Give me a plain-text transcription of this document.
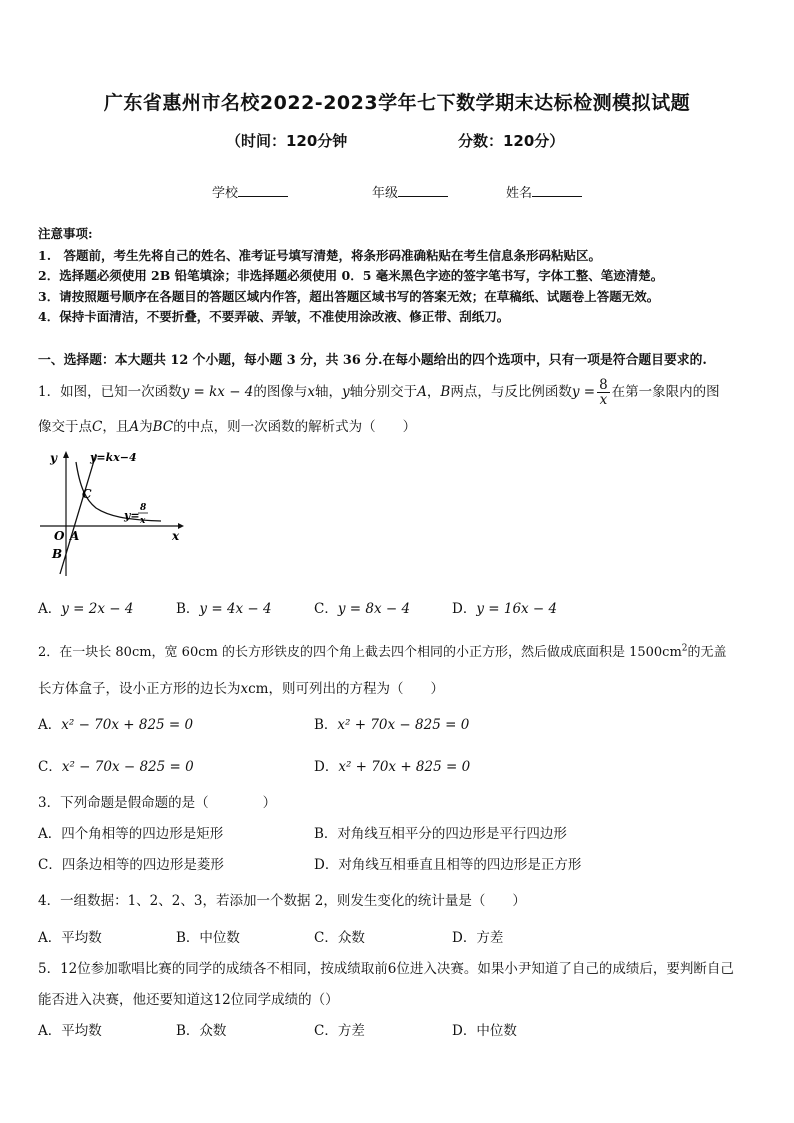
广东省惠州市名校2022-2023学年七下数学期末达标检测模拟试题
（时间：120分钟	分数：120分）
学校	年级	姓名
注意事项:
1.　答题前，考生先将自己的姓名、准考证号填写清楚，将条形码准确粘贴在考生信息条形码粘贴区。
2．选择题必须使用 2B 铅笔填涂；非选择题必须使用 0．5 毫米黑色字迹的签字笔书写，字体工整、笔迹清楚。
3．请按照题号顺序在各题目的答题区域内作答，超出答题区域书写的答案无效；在草稿纸、试题卷上答题无效。
4．保持卡面清洁，不要折叠，不要弄破、弄皱，不准使用涂改液、修正带、刮纸刀。
一、选择题：本大题共 12 个小题，每小题 3 分，共 36 分.在每小题给出的四个选项中，只有一项是符合题目要求的.
1．如图，已知一次函数y = kx − 4的图像与x轴，y轴分别交于A，B两点，与反比例函数$y = \frac{8}{x}$ 在第一象限内的图
像交于点C，且A为BC的中点，则一次函数的解析式为（　　）
y
x
y=kx−4
y=
8
x
C
O A
B
A．y = 2x − 4	B．y = 4x − 4	C．y = 8x − 4	D．y = 16x − 4
2．在一块长 80cm，宽 60cm 的长方形铁皮的四个角上截去四个相同的小正方形，然后做成底面积是 $1500cm^2$的无盖
长方体盒子，设小正方形的边长为xcm，则可列出的方程为（　　）
A．x² − 70x + 825 = 0	B．x² + 70x − 825 = 0
C．x² − 70x − 825 = 0	D．x² + 70x + 825 = 0
3．下列命题是假命题的是（　　　　）
A．四个角相等的四边形是矩形	B．对角线互相平分的四边形是平行四边形
C．四条边相等的四边形是菱形	D．对角线互相垂直且相等的四边形是正方形
4．一组数据：1、2、2、3，若添加一个数据 2，则发生变化的统计量是（　　）
A．平均数	B．中位数	C．众数	D．方差
5．12位参加歌唱比赛的同学的成绩各不相同，按成绩取前6位进入决赛。如果小尹知道了自己的成绩后，要判断自己
能否进入决赛，他还要知道这12位同学成绩的（）
A．平均数	B．众数	C．方差	D．中位数
